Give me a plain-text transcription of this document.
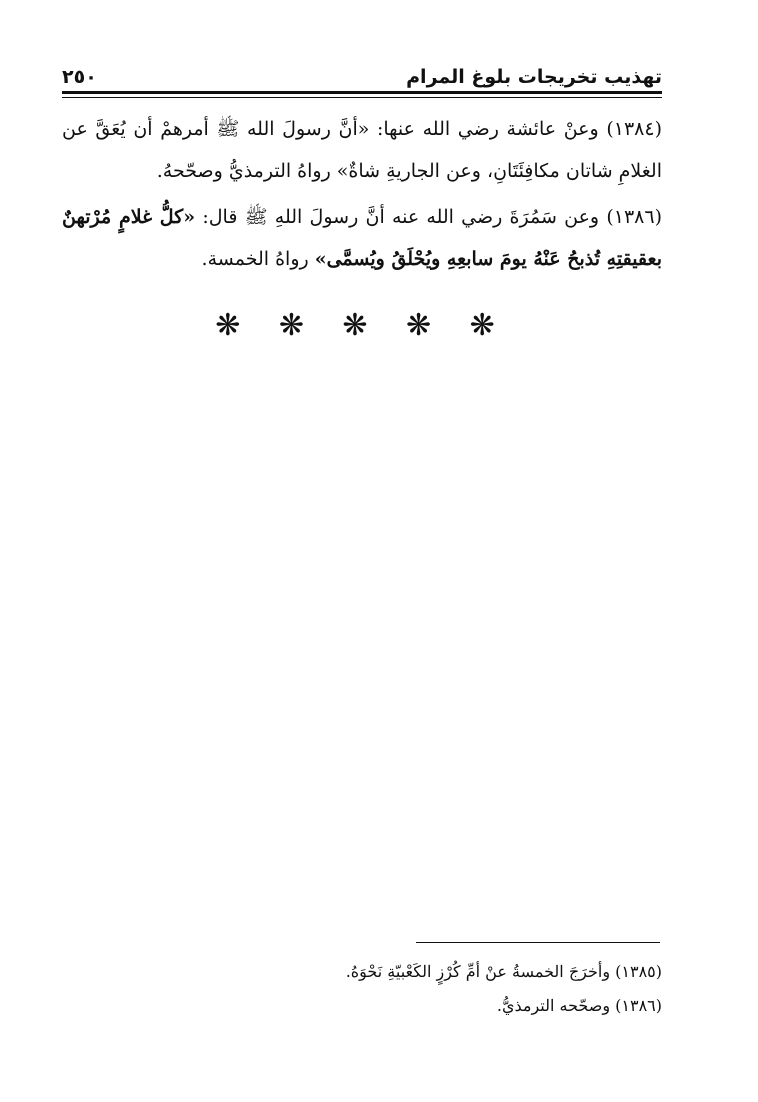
تهذيب تخريجات بلوغ المرام
٢٥٠

(١٣٨٤) وعنْ عائشة رضي الله عنها: «أنَّ رسولَ الله ﷺ أمرهمْ أن يُعَقَّ عن الغلامِ شاتان مكافِئَتَانِ، وعن الجاريةِ شاةٌ» رواهُ الترمذيُّ وصحّحهُ.

(١٣٨٦) وعن سَمُرَةَ رضي الله عنه أنَّ رسولَ اللهِ ﷺ قال: «كلُّ غلامٍ مُرْتهنٌ بعقيقتِهِ تُذبحُ عَنْهُ يومَ سابعِهِ ويُحْلَقُ ويُسمَّى» رواهُ الخمسة.

❋ ❋ ❋ ❋ ❋

(١٣٨٥) وأخرَجَ الخمسةُ عنْ أمِّ كُرْزٍ الكَعْبيّةِ نَحْوَهُ.

(١٣٨٦) وصحّحه الترمذيُّ.
